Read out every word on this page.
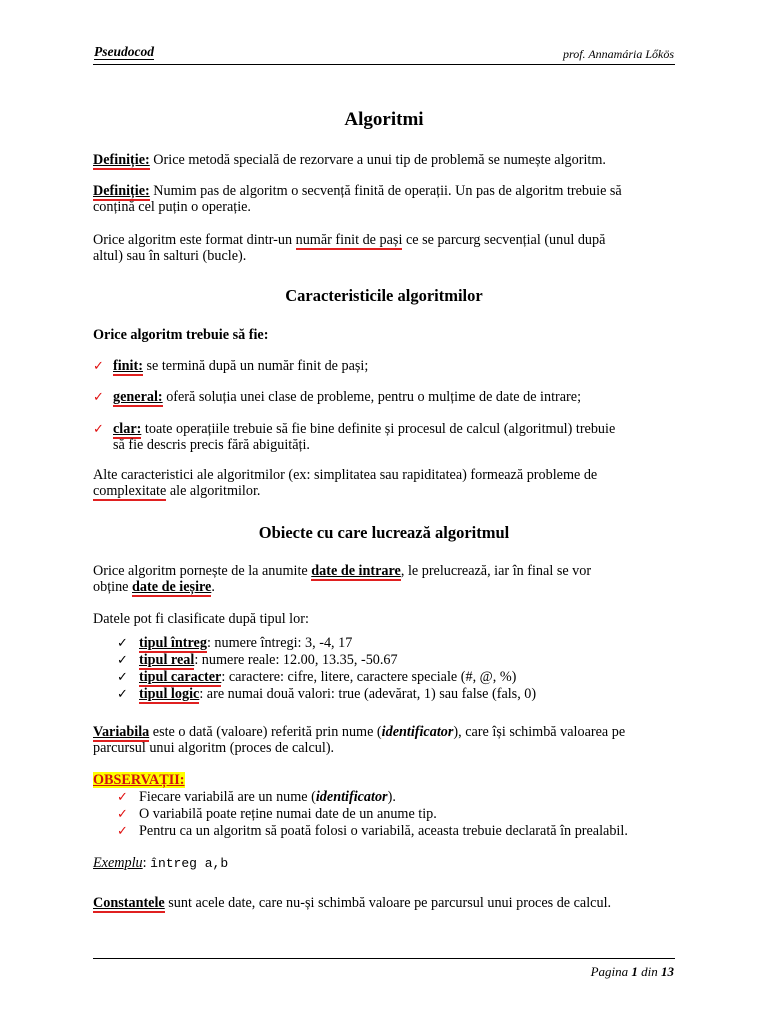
Pseudocod	prof. Annamária Lőkös
Algoritmi
Definiție: Orice metodă specială de rezorvare a unui tip de problemă se numește algoritm.
Definiție: Numim pas de algoritm o secvență finită de operații. Un pas de algoritm trebuie să
conțină cel puțin o operație.
Orice algoritm este format dintr-un număr finit de pași ce se parcurg secvențial (unul după
altul) sau în salturi (bucle).
Caracteristicile algoritmilor
Orice algoritm trebuie să fie:
✓ finit: se termină după un număr finit de pași;
✓ general: oferă soluția unei clase de probleme, pentru o mulțime de date de intrare;
✓ clar: toate operațiile trebuie să fie bine definite și procesul de calcul (algoritmul) trebuie
să fie descris precis fără abiguități.
Alte caracteristici ale algoritmilor (ex: simplitatea sau rapiditatea) formează probleme de
complexitate ale algoritmilor.
Obiecte cu care lucrează algoritmul
Orice algoritm pornește de la anumite date de intrare, le prelucrează, iar în final se vor
obține date de ieșire.
Datele pot fi clasificate după tipul lor:
✓ tipul întreg: numere întregi: 3, -4, 17
✓ tipul real: numere reale: 12.00, 13.35, -50.67
✓ tipul caracter: caractere: cifre, litere, caractere speciale (#, @, %)
✓ tipul logic: are numai două valori: true (adevărat, 1) sau false (fals, 0)
Variabila este o dată (valoare) referită prin nume (identificator), care își schimbă valoarea pe
parcursul unui algoritm (proces de calcul).
OBSERVAȚII:
✓ Fiecare variabilă are un nume (identificator).
✓ O variabilă poate reține numai date de un anume tip.
✓ Pentru ca un algoritm să poată folosi o variabilă, aceasta trebuie declarată în prealabil.
Exemplu: întreg a,b
Constantele sunt acele date, care nu-și schimbă valoare pe parcursul unui proces de calcul.
Pagina 1 din 13
